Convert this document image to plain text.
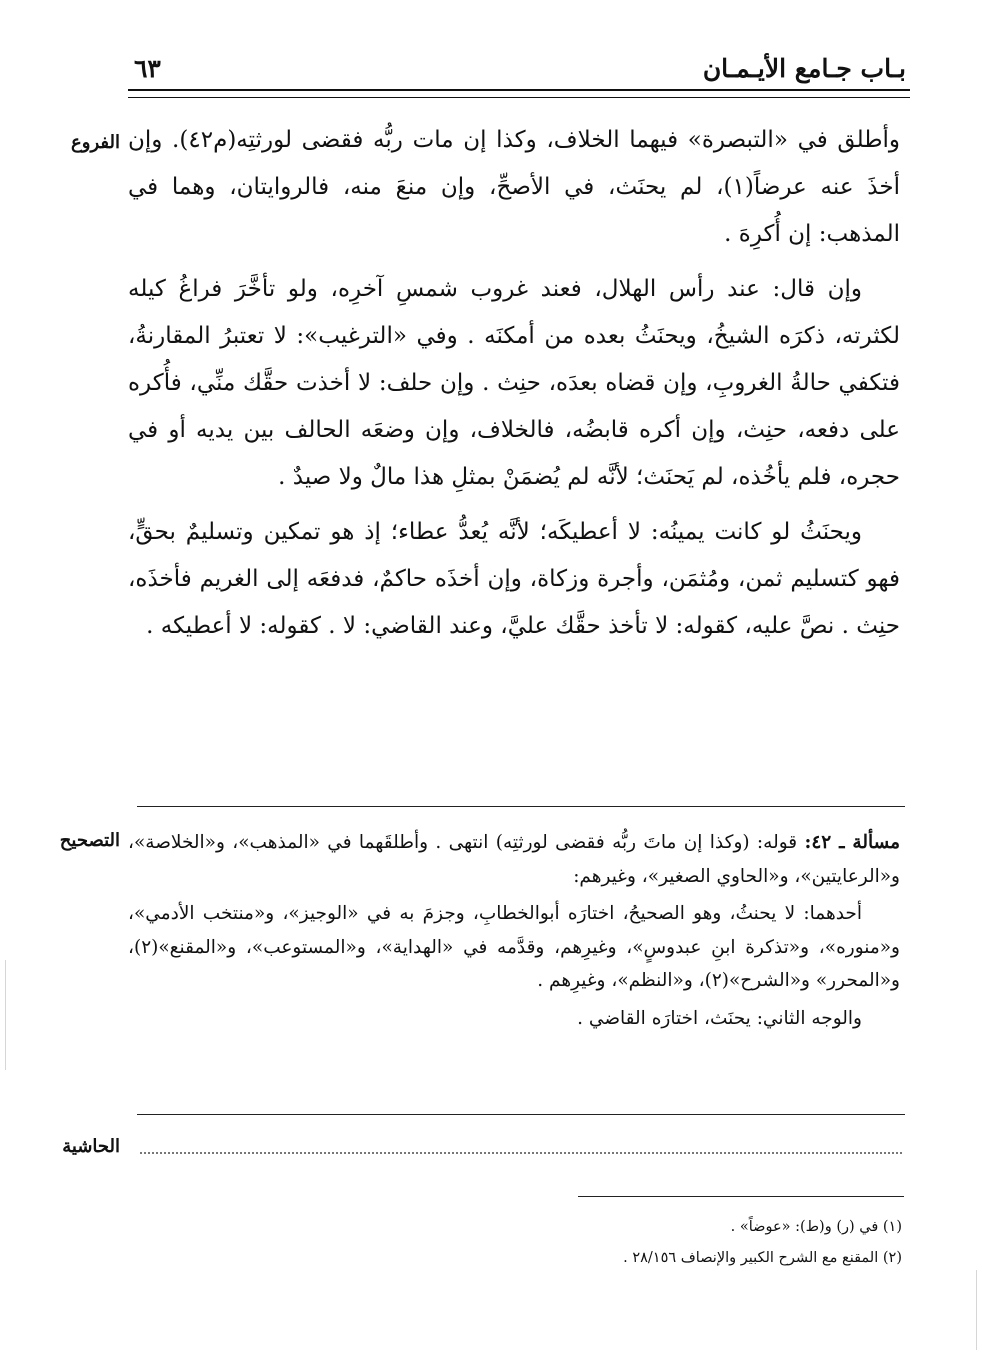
بـاب جـامع الأيـمـان
٦٣
الفروع وأطلق في «التبصرة» فيهما الخلاف، وكذا إن مات ربُّه فقضى لورثتِه(م٤٢). وإن أخذَ عنه عرضاً(١)، لم يحنَث، في الأصحِّ، وإن منعَ منه، فالروايتان، وهما في المذهب: إن أُكرِهَ .

وإن قال: عند رأس الهلال، فعند غروب شمسِ آخرِه، ولو تأخَّرَ فراغُ كيله لكثرته، ذكرَه الشيخُ، ويحنَثُ بعده من أمكنَه . وفي «الترغيب»: لا تعتبرُ المقارنةُ، فتكفي حالةُ الغروبِ، وإن قضاه بعدَه، حنِث . وإن حلف: لا أخذت حقَّك منِّي، فأُكره على دفعه، حنِث، وإن أكره قابضُه، فالخلاف، وإن وضعَه الحالف بين يديه أو في حجره، فلم يأخُذه، لم يَحنَث؛ لأنَّه لم يُضمَنْ بمثلِ هذا مالٌ ولا صيدٌ .

ويحنَثُ لو كانت يمينُه: لا أعطيكَه؛ لأنَّه يُعدُّ عطاء؛ إذ هو تمكين وتسليمٌ بحقٍّ، فهو كتسليم ثمن، ومُثمَن، وأجرة وزكاة، وإن أخذَه حاكمٌ، فدفعَه إلى الغريم فأخذَه، حنِث . نصَّ عليه، كقوله: لا تأخذ حقَّك عليَّ، وعند القاضي: لا . كقوله: لا أعطيكه .

التصحيح	مسألة ـ ٤٢: قوله: (وكذا إن ماتَ ربُّه فقضى لورثتِه) انتهى . وأطلقَهما في «المذهب»، و«الخلاصة»، و«الرعايتين»، و«الحاوي الصغير»، وغيرهم:

أحدهما: لا يحنثُ، وهو الصحيحُ، اختارَه أبوالخطابِ، وجزمَ به في «الوجيز»، و«منتخب الأدمي»، و«منوره»، و«تذكرة ابنِ عبدوسٍ»، وغيرِهم، وقدَّمه في «الهداية»، و«المستوعب»، و«المقنع»(٢)، و«المحرر» و«الشرح»(٢)، و«النظم»، وغيرِهم .

والوجه الثاني: يحنَث، اختارَه القاضي .

الحاشية
(١) في (ر) و(ط): «عوضاً» .
(٢) المقنع مع الشرح الكبير والإنصاف ٢٨/١٥٦ .
